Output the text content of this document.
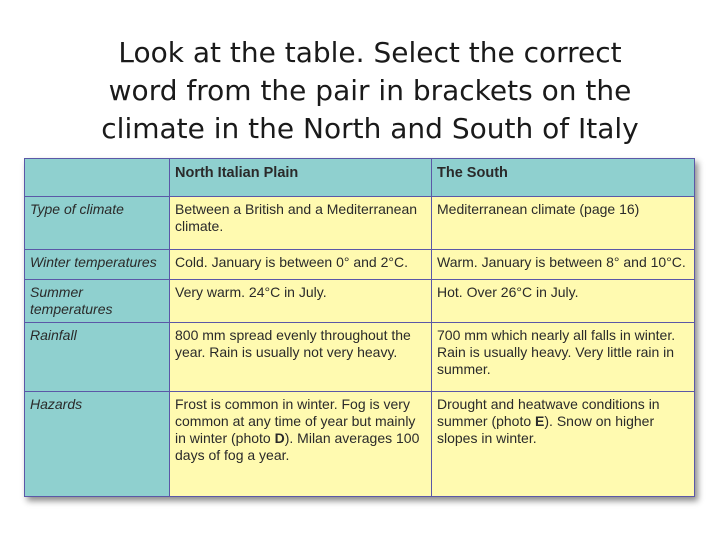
Look at the table. Select the correct
word from the pair in brackets on the
climate in the North and South of Italy
	North Italian Plain	The South
Type of climate	Between a British and a Mediterranean climate.	Mediterranean climate (page 16)
Winter temperatures	Cold. January is between 0° and 2°C.	Warm. January is between 8° and 10°C.
Summer temperatures	Very warm. 24°C in July.	Hot. Over 26°C in July.
Rainfall	800 mm spread evenly throughout the year. Rain is usually not very heavy.	700 mm which nearly all falls in winter. Rain is usually heavy. Very little rain in summer.
Hazards	Frost is common in winter. Fog is very common at any time of year but mainly in winter (photo D). Milan averages 100 days of fog a year.	Drought and heatwave conditions in summer (photo E). Snow on higher slopes in winter.
